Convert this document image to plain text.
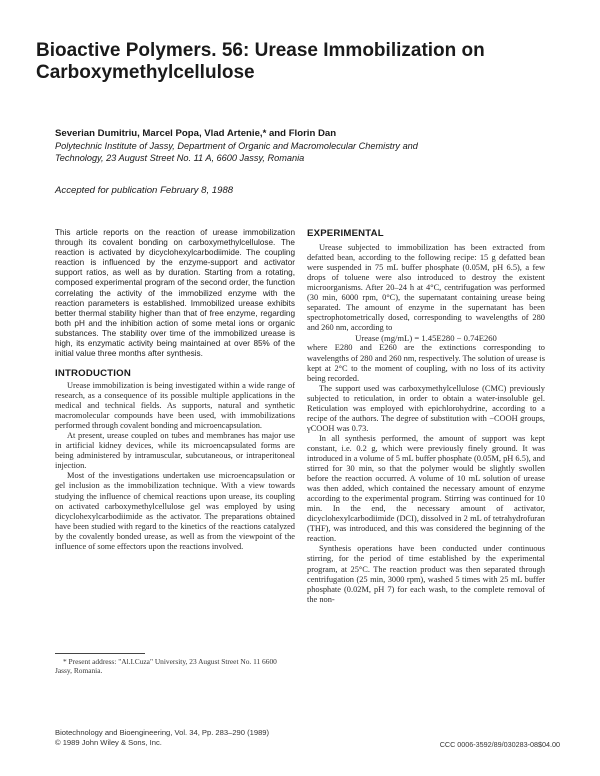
Bioactive Polymers. 56: Urease Immobilization on Carboxymethylcellulose

Severian Dumitriu, Marcel Popa, Vlad Artenie,* and Florin Dan

Polytechnic Institute of Jassy, Department of Organic and Macromolecular Chemistry and Technology, 23 August Street No. 11 A, 6600 Jassy, Romania

Accepted for publication February 8, 1988

This article reports on the reaction of urease immobilization through its covalent bonding on carboxymethylcellulose. The reaction is activated by dicyclohexylcarbodiimide. The coupling reaction is influenced by the enzyme-support and activator support ratios, as well as by duration. Starting from a rotating, composed experimental program of the second order, the function correlating the activity of the immobilized enzyme with the reaction parameters is established. Immobilized urease exhibits better thermal stability higher than that of free enzyme, regarding both pH and the inhibition action of some metal ions or organic substances. The stability over time of the immobilized urease is high, its enzymatic activity being maintained at over 85% of the initial value three months after synthesis.

INTRODUCTION

Urease immobilization is being investigated within a wide range of research, as a consequence of its possible multiple applications in the medical and technical fields. As supports, natural and synthetic macromolecular compounds have been used, with immobilizations performed through covalent bonding and microencapsulation.

At present, urease coupled on tubes and membranes has major use in artificial kidney devices, while its microencapsulated forms are being administered by intramuscular, subcutaneous, or intraperitoneal injection.

Most of the investigations undertaken use microencapsulation or gel inclusion as the immobilization technique. With a view towards studying the influence of chemical reactions upon urease, its coupling on activated carboxymethylcellulose gel was employed by using dicyclohexylcarbodiimide as the activator. The preparations obtained have been studied with regard to the kinetics of the reactions catalyzed by the covalently bonded urease, as well as from the viewpoint of the influence of some effectors upon the reactions involved.

* Present address: "Al.I.Cuza" University, 23 August Street No. 11 6600 Jassy, Romania.

EXPERIMENTAL

Urease subjected to immobilization has been extracted from defatted bean, according to the following recipe: 15 g defatted bean were suspended in 75 mL buffer phosphate (0.05M, pH 6.5), a few drops of toluene were also introduced to destroy the existent microorganisms. After 20–24 h at 4°C, centrifugation was performed (30 min, 6000 rpm, 0°C), the supernatant containing urease being separated. The amount of enzyme in the supernatant has been spectrophotometrically dosed, corresponding to wavelengths of 280 and 260 nm, according to

Urease (mg/mL) = 1.45E280 − 0.74E260

where E280 and E260 are the extinctions corresponding to wavelengths of 280 and 260 nm, respectively. The solution of urease is kept at 2°C to the moment of coupling, with no loss of its activity being recorded.

The support used was carboxymethylcellulose (CMC) previously subjected to reticulation, in order to obtain a water-insoluble gel. Reticulation was employed with epichlorohydrine, according to a recipe of the authors. The degree of substitution with −COOH groups, γCOOH was 0.73.

In all synthesis performed, the amount of support was kept constant, i.e. 0.2 g, which were previously finely ground. It was introduced in a volume of 5 mL buffer phosphate (0.05M, pH 6.5), and stirred for 30 min, so that the polymer would be slightly swollen before the reaction occurred. A volume of 10 mL solution of urease was then added, which contained the necessary amount of enzyme according to the experimental program. Stirring was continued for 10 min. In the end, the necessary amount of activator, dicyclohexylcarbodiimide (DCI), dissolved in 2 mL of tetrahydrofuran (THF), was introduced, and this was considered the beginning of the reaction.

Synthesis operations have been conducted under continuous stirring, for the period of time established by the experimental program, at 25°C. The reaction product was then separated through centrifugation (25 min, 3000 rpm), washed 5 times with 25 mL buffer phosphate (0.02M, pH 7) for each wash, to the complete removal of the non-

Biotechnology and Bioengineering, Vol. 34, Pp. 283–290 (1989)
© 1989 John Wiley & Sons, Inc.	CCC 0006-3592/89/030283-08$04.00
